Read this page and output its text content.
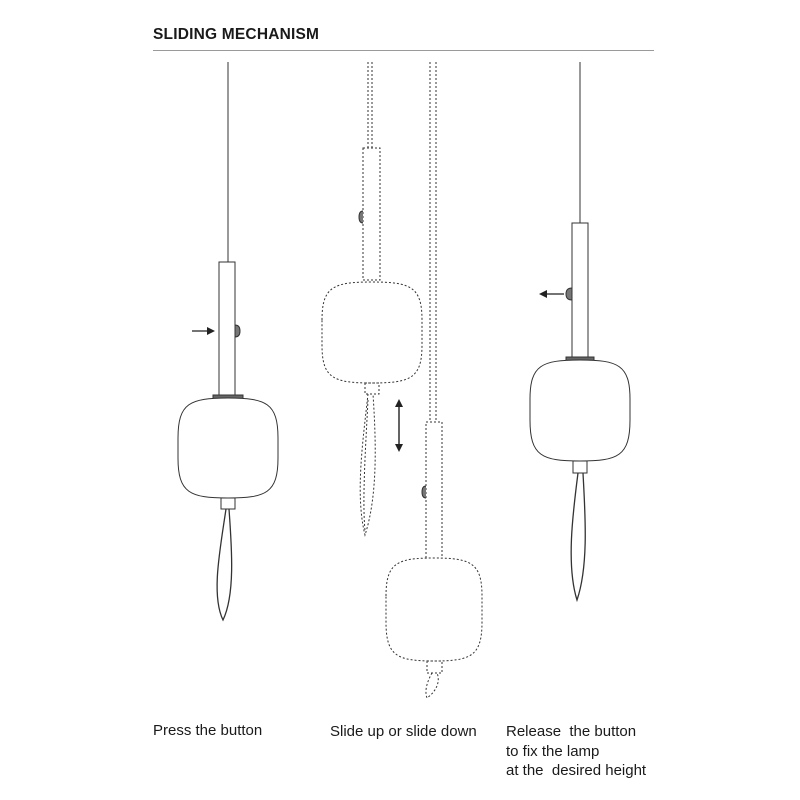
SLIDING MECHANISM
Press the button	Slide up or slide down Release  the button
to fix the lamp
at the  desired height
